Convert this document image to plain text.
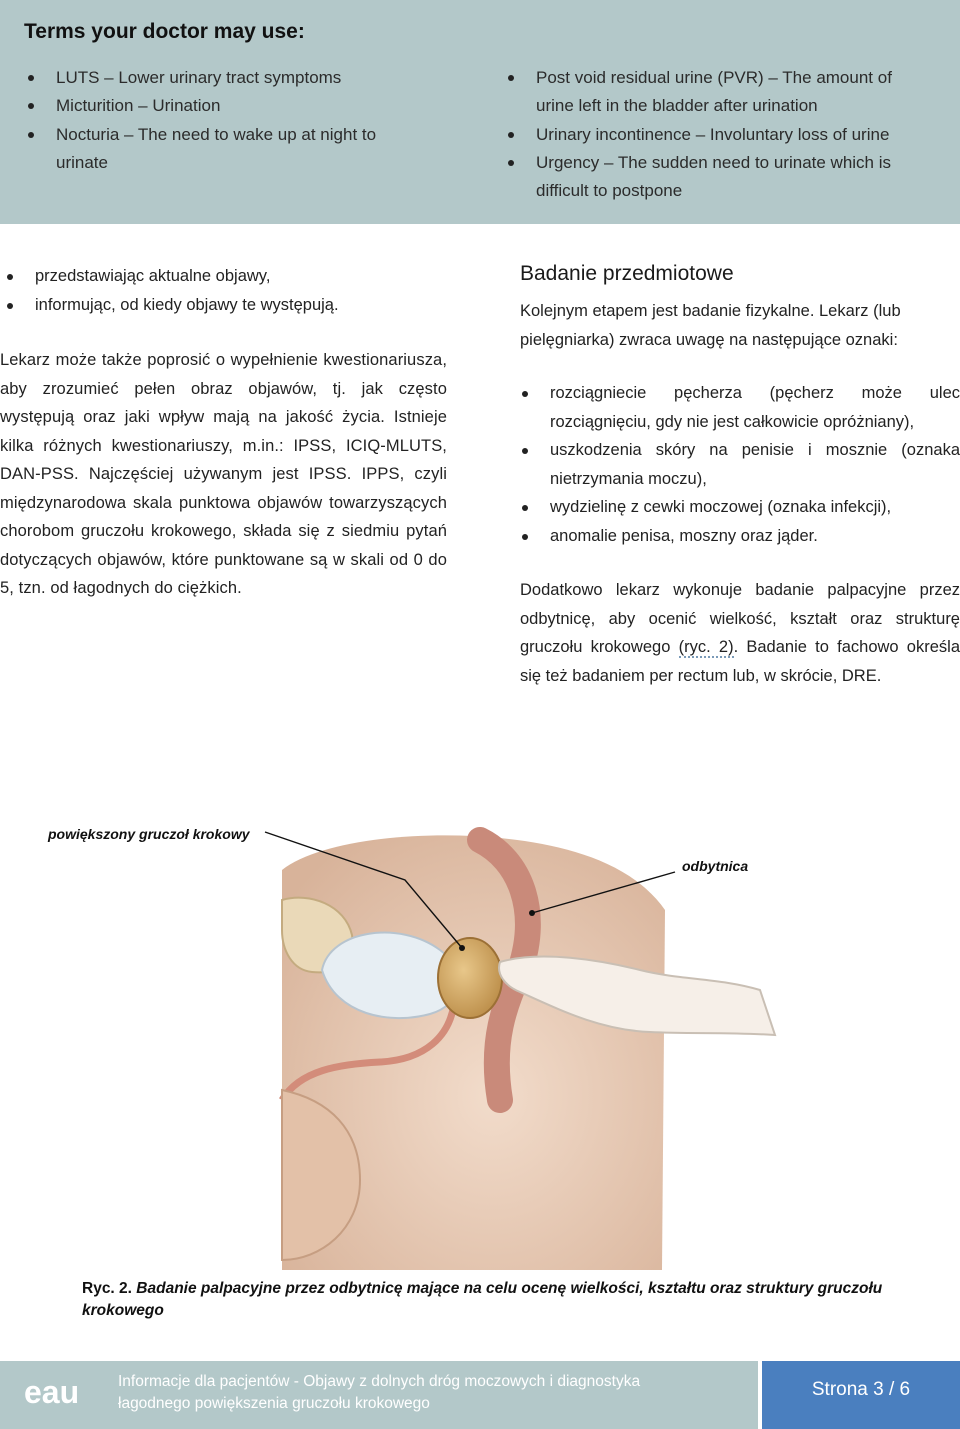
Terms your doctor may use:
LUTS – Lower urinary tract symptoms
Micturition – Urination
Nocturia – The need to wake up at night to urinate
Post void residual urine (PVR) – The amount of urine left in the bladder after urination
Urinary incontinence – Involuntary loss of urine
Urgency – The sudden need to urinate which is difficult to postpone
przedstawiając aktualne objawy,
informując, od kiedy objawy te występują.

Lekarz może także poprosić o wypełnienie kwestionariusza, aby zrozumieć pełen obraz objawów, tj. jak często występują oraz jaki wpływ mają na jakość życia. Istnieje kilka różnych kwestionariuszy, m.in.: IPSS, ICIQ-MLUTS, DAN-PSS. Najczęściej używanym jest IPSS. IPPS, czyli międzynarodowa skala punktowa objawów towarzyszących chorobom gruczołu krokowego, składa się z siedmiu pytań dotyczących objawów, które punktowane są w skali od 0 do 5, tzn. od łagodnych do ciężkich.

Badanie przedmiotowe

Kolejnym etapem jest badanie fizykalne. Lekarz (lub pielęgniarka) zwraca uwagę na następujące oznaki:

rozciągniecie pęcherza (pęcherz może ulec rozciągnięciu, gdy nie jest całkowicie opróżniany),
uszkodzenia skóry na penisie i mosznie (oznaka nietrzymania moczu),
wydzielinę z cewki moczowej (oznaka infekcji),
anomalie penisa, moszny oraz jąder.

Dodatkowo lekarz wykonuje badanie palpacyjne przez odbytnicę, aby ocenić wielkość, kształt oraz strukturę gruczołu krokowego (ryc. 2). Badanie to fachowo określa się też badaniem per rectum lub, w skrócie, DRE.

powiększony gruczoł krokowy
odbytnica

Ryc. 2. Badanie palpacyjne przez odbytnicę mające na celu ocenę wielkości, kształtu oraz struktury gruczołu krokowego

eau	Informacje dla pacjentów - Objawy z dolnych dróg moczowych i diagnostyka
łagodnego powiększenia gruczołu krokowego

Strona 3 / 6
